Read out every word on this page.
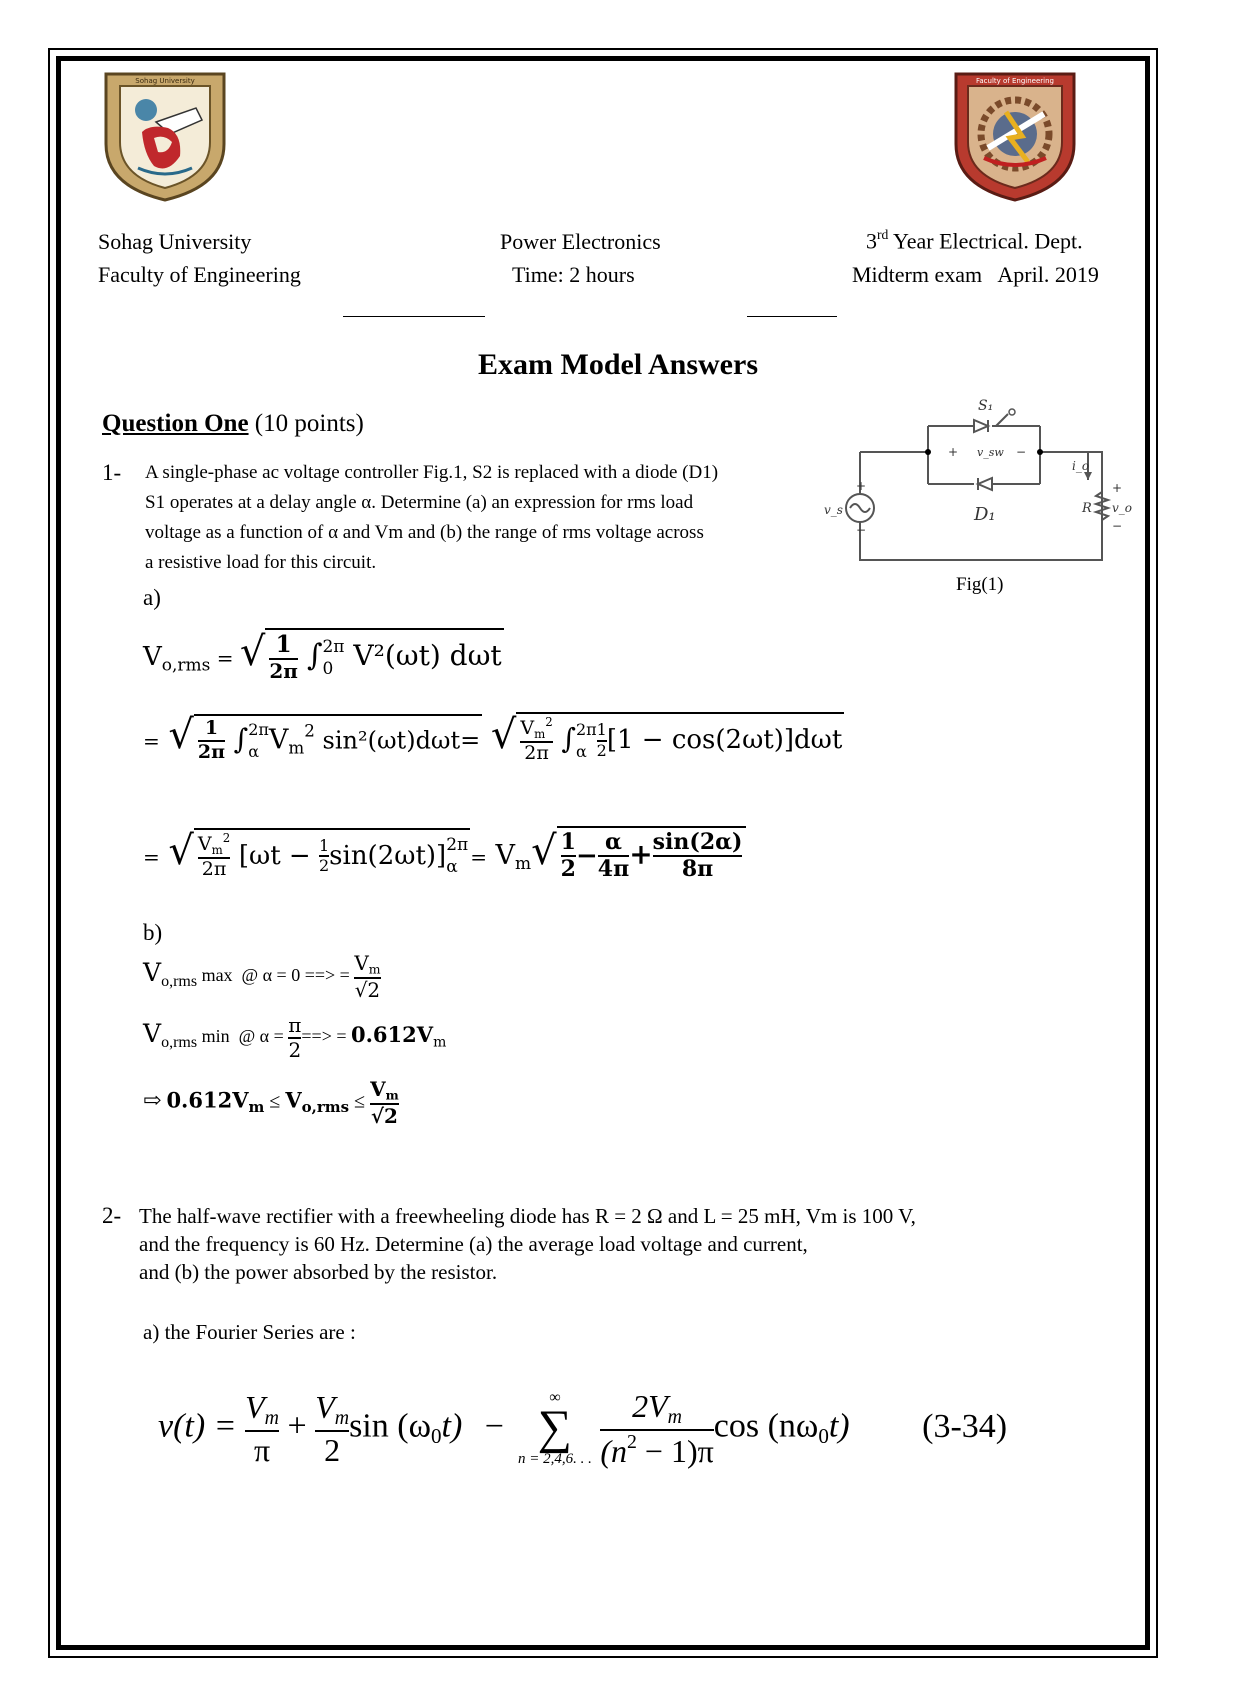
Sohag University	Faculty of Engineering
Sohag University
Faculty of Engineering
Power Electronics
Time: 2 hours
3rd Year Electrical. Dept.
Midterm exam   April. 2019
Exam Model Answers
Question One (10 points)
1- A single-phase ac voltage controller Fig.1, S2 is replaced with a diode (D1)
S1 operates at a delay angle α. Determine (a) an expression for rms load
voltage as a function of α and Vm and (b) the range of rms voltage across
a resistive load for this circuit.
S₁
v_sw
D₁
v_s
i_o
R v_o
+
−
+	−
+
−
Fig(1)
a)
$V_{o,rms}$ = √ $\frac{1}{2\pi}$ ∫ 2π
0 V²(ωt) dωt
= √ $\frac{1}{2\pi}$ ∫ 2π
α $V_m^2$ sin²(ωt)dωt= √ $\frac{V_m^2}{2\pi}$ ∫ 2π
α $\frac{1}{2} [1 - \cos(2\omega t)]d\omega t$
= √ $\frac{V_m^2}{2\pi} [\omega t - \frac{1}{2} \sin(2\omega t)]$ 2π
$\alpha = V_m√ \frac{1}{2} - \frac{\alpha}{4\pi} + \frac{\sin(2\alpha)}{8\pi}$
b)
Vo,rms max  @ α = 0 ==> = $\frac{V_m}{√2}$
Vo,rms min  @ $\alpha = \frac{\pi}{2}$ ==> = $0.612V_m$
⇨ $0.612V_m \le V_{o,rms} \le \frac{V_m}{√2}$
2- The half-wave rectifier with a freewheeling diode has R = 2 Ω and L = 25 mH, Vm is 100 V,
and the frequency is 60 Hz. Determine (a) the average load voltage and current,
and (b) the power absorbed by the resistor.
a) the Fourier Series are :
$v(t) = \frac{V_m}{\pi} + \frac{V_m}{2}$ $\sin (\omega_0t)$ −
∞
∑
n = 2,4,6. . .
$\frac{2V_m}{(n^2 - 1)\pi}$ $\cos (n\omega_0t)$ (3-34)
